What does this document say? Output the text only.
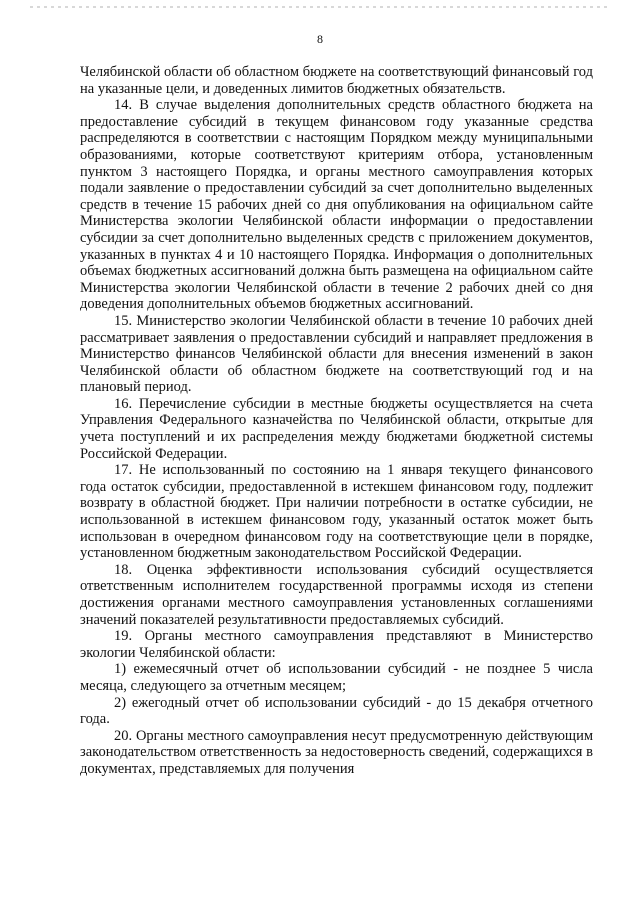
8

Челябинской области об областном бюджете на соответствующий финансовый год на указанные цели, и доведенных лимитов бюджетных обязательств.

14. В случае выделения дополнительных средств областного бюджета на предоставление субсидий в текущем финансовом году указанные средства распределяются в соответствии с настоящим Порядком между муниципальными образованиями, которые соответствуют критериям отбора, установленным пунктом 3 настоящего Порядка, и органы местного самоуправления которых подали заявление о предоставлении субсидий за счет дополнительно выделенных средств в течение 15 рабочих дней со дня опубликования на официальном сайте Министерства экологии Челябинской области информации о предоставлении субсидии за счет дополнительно выделенных средств с приложением документов, указанных в пунктах 4 и 10 настоящего Порядка. Информация о дополнительных объемах бюджетных ассигнований должна быть размещена на официальном сайте Министерства экологии Челябинской области в течение 2 рабочих дней со дня доведения дополнительных объемов бюджетных ассигнований.

15. Министерство экологии Челябинской области в течение 10 рабочих дней рассматривает заявления о предоставлении субсидий и направляет предложения в Министерство финансов Челябинской области для внесения изменений в закон Челябинской области об областном бюджете на соответствующий год и на плановый период.

16. Перечисление субсидии в местные бюджеты осуществляется на счета Управления Федерального казначейства по Челябинской области, открытые для учета поступлений и их распределения между бюджетами бюджетной системы Российской Федерации.

17. Не использованный по состоянию на 1 января текущего финансового года остаток субсидии, предоставленной в истекшем финансовом году, подлежит возврату в областной бюджет. При наличии потребности в остатке субсидии, не использованной в истекшем финансовом году, указанный остаток может быть использован в очередном финансовом году на соответствующие цели в порядке, установленном бюджетным законодательством Российской Федерации.

18. Оценка эффективности использования субсидий осуществляется ответственным исполнителем государственной программы исходя из степени достижения органами местного самоуправления установленных соглашениями значений показателей результативности предоставляемых субсидий.

19. Органы местного самоуправления представляют в Министерство экологии Челябинской области:

1) ежемесячный отчет об использовании субсидий - не позднее 5 числа месяца, следующего за отчетным месяцем;

2) ежегодный отчет об использовании субсидий - до 15 декабря отчетного года.

20. Органы местного самоуправления несут предусмотренную действующим законодательством ответственность за недостоверность сведений, содержащихся в документах, представляемых для получения
